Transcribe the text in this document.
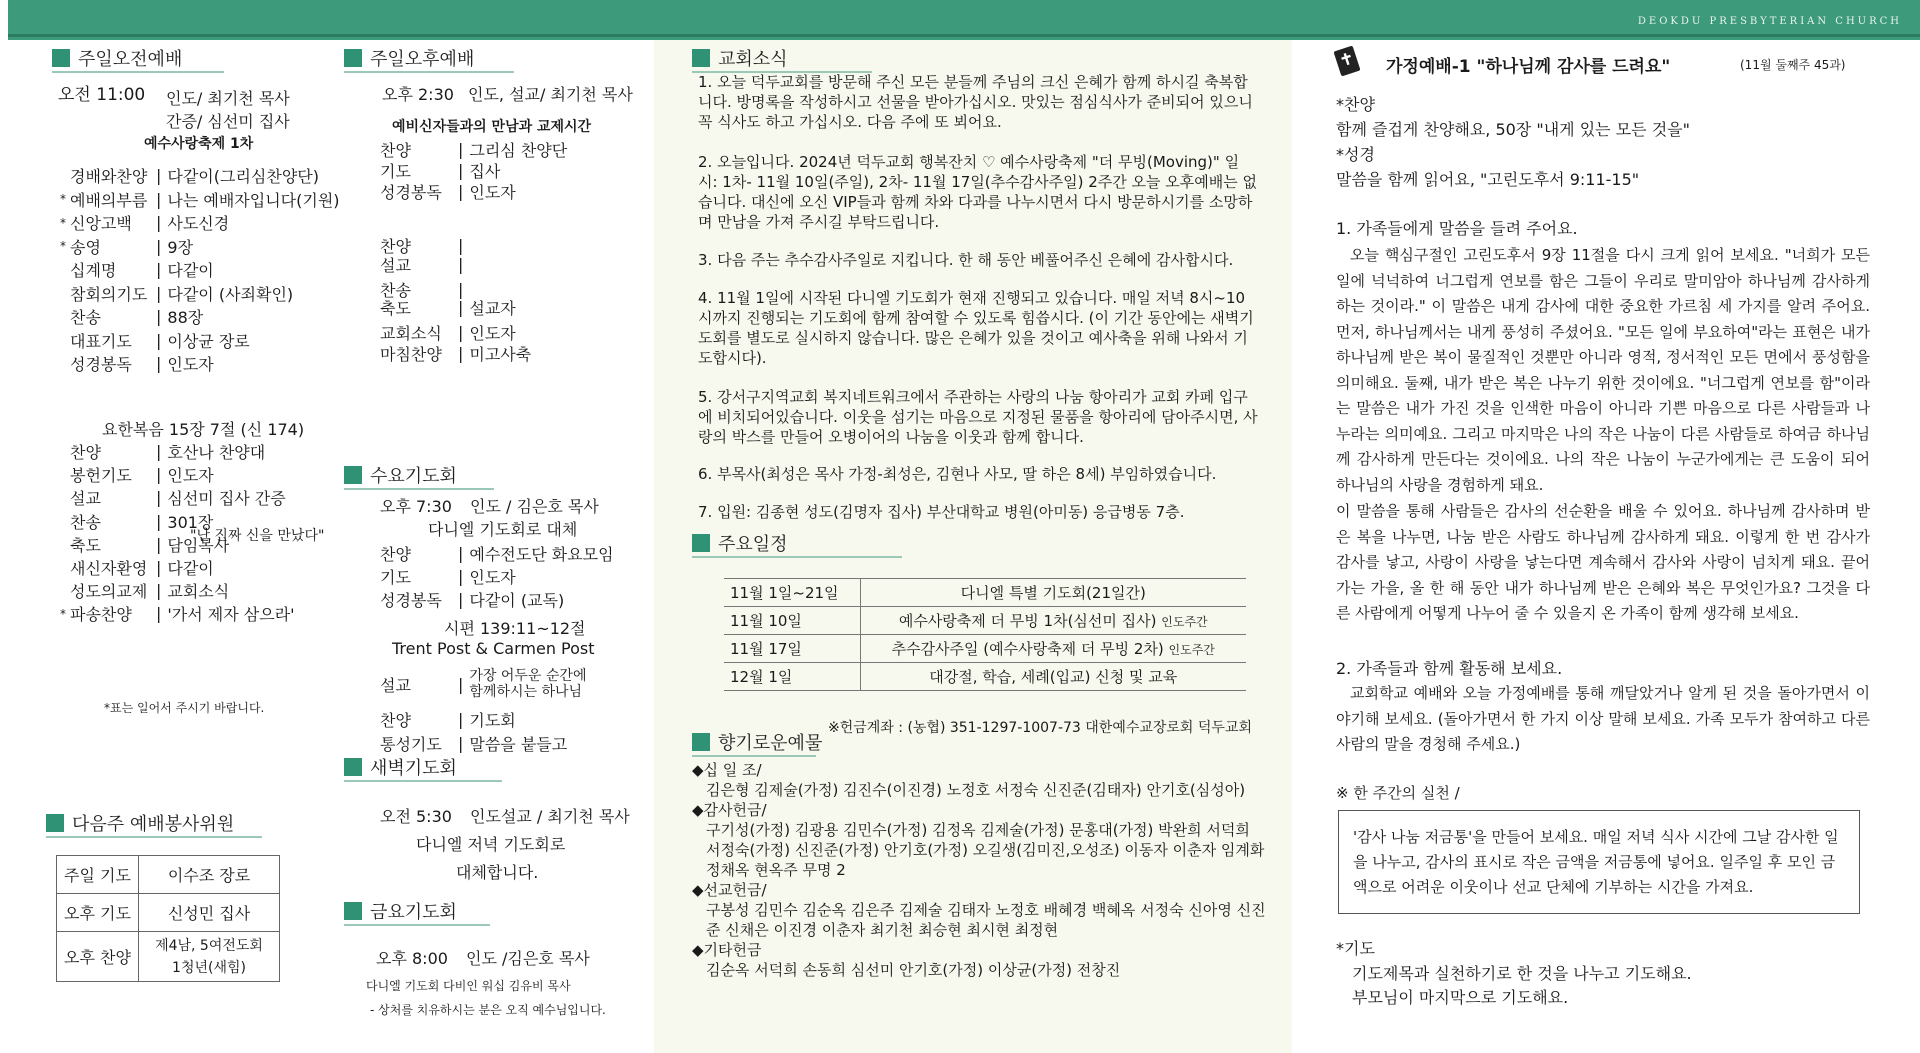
DEOKDU PRESBYTERIAN CHURCH
주일오전예배
오전 11:00 인도/ 최기천 목사
간증/ 심선미 집사
예수사랑축제 1차
경배와찬양 | 다같이(그리심찬양단)
* 예배의부름 | 나는 예배자입니다(기원)
* 신앙고백	| 사도신경
* 송영	| 9장
십계명	| 다같이
참회의기도 | 다같이 (사죄확인)
찬송	| 88장
대표기도	| 이상균 장로
성경봉독	| 인도자
요한복음 15장 7절 (신 174)
찬양	| 호산나 찬양대
봉헌기도	| 인도자
설교	| 심선미 집사 간증
찬송	| 301장
축도	| 담임목사
새신자환영 | 다같이
성도의교제 | 교회소식
* 파송찬양	| '가서 제자 삼으라'
"난 진짜 신을 만났다"
*표는 일어서 주시기 바랍니다.
다음주 예배봉사위원
주일 기도	이수조 장로
오후 기도	신성민 집사
오후 찬양	제4남, 5여전도회
1청년(새힘)
주일오후예배
오후 2:30 인도, 설교/ 최기천 목사
예비신자들과의 만남과 교제시간
찬양	| 그리심 찬양단
기도	| 집사
성경봉독	| 인도자
찬양	|
설교	|
찬송	|
축도	| 설교자
교회소식	| 인도자
마침찬양	| 미고사축
수요기도회
오후 7:30 인도 / 김은호 목사
다니엘 기도회로 대체
찬양	| 예수전도단 화요모임
기도	| 인도자
성경봉독	| 다같이 (교독)
시편 139:11~12절
Trent Post & Carmen Post
설교	| 가장 어두운 순간에
함께하시는 하나님
찬양	| 기도회
통성기도	| 말씀을 붙들고
새벽기도회
오전 5:30 인도설교 / 최기천 목사
다니엘 저녁 기도회로
대체합니다.
금요기도회
오후 8:00 인도 /김은호 목사
다니엘 기도회 다비인 워십 김유비 목사
- 상처를 치유하시는 분은 오직 예수님입니다.
교회소식

1. 오늘 덕두교회를 방문해 주신 모든 분들께 주님의 크신 은혜가 함께 하시길 축복합니다. 방명록을 작성하시고 선물을 받아가십시오. 맛있는 점심식사가 준비되어 있으니 꼭 식사도 하고 가십시오. 다음 주에 또 뵈어요.

2. 오늘입니다. 2024년 덕두교회 행복잔치 ♡ 예수사랑축제 "더 무빙(Moving)" 일시: 1차- 11월 10일(주일), 2차- 11월 17일(추수감사주일) 2주간 오늘 오후예배는 없습니다. 대신에 오신 VIP들과 함께 차와 다과를 나누시면서 다시 방문하시기를 소망하며 만남을 가져 주시길 부탁드립니다.

3. 다음 주는 추수감사주일로 지킵니다. 한 해 동안 베풀어주신 은혜에 감사합시다.

4. 11월 1일에 시작된 다니엘 기도회가 현재 진행되고 있습니다. 매일 저녁 8시~10시까지 진행되는 기도회에 함께 참여할 수 있도록 힘씁시다. (이 기간 동안에는 새벽기도회를 별도로 실시하지 않습니다. 많은 은혜가 있을 것이고 예사축을 위해 나와서 기도합시다).

5. 강서구지역교회 복지네트워크에서 주관하는 사랑의 나눔 항아리가 교회 카페 입구에 비치되어있습니다. 이웃을 섬기는 마음으로 지정된 물품을 항아리에 담아주시면, 사랑의 박스를 만들어 오병이어의 나눔을 이웃과 함께 합니다.

6. 부목사(최성은 목사 가정-최성은, 김현나 사모, 딸 하은 8세) 부임하였습니다.

7. 입원: 김종현 성도(김명자 집사) 부산대학교 병원(아미동) 응급병동 7층.

주요일정
11월 1일~21일	다니엘 특별 기도회(21일간)
11월 10일	예수사랑축제 더 무빙 1차(심선미 집사) 인도주간
11월 17일	추수감사주일 (예수사랑축제 더 무빙 2차) 인도주간
12월 1일	대강절, 학습, 세례(입교) 신청 및 교육
※헌금계좌 : (농협) 351-1297-1007-73 대한예수교장로회 덕두교회
향기로운예물
◆십 일 조/
김은형 김제술(가정) 김진수(이진경) 노정호 서정숙 신진준(김태자) 안기호(심성아)
◆감사헌금/
구기성(가정) 김광용 김민수(가정) 김정옥 김제술(가정) 문홍대(가정) 박완희 서덕희 서정숙(가정) 신진준(가정) 안기호(가정) 오길생(김미진,오성조) 이동자 이춘자 임계화 정채옥 현옥주 무명 2
◆선교헌금/
구봉성 김민수 김순옥 김은주 김제술 김태자 노정호 배혜경 백혜옥 서정숙 신아영 신진준 신채은 이진경 이춘자 최기천 최승현 최시현 최정현
◆기타헌금
김순옥 서덕희 손동희 심선미 안기호(가정) 이상균(가정) 전창진
가정예배-1 "하나님께 감사를 드려요"	(11월 둘째주 45과)
*찬양
함께 즐겁게 찬양해요, 50장 "내게 있는 모든 것을"
*성경
말씀을 함께 읽어요, "고린도후서 9:11-15"
1. 가족들에게 말씀을 들려 주어요.
오늘 핵심구절인 고린도후서 9장 11절을 다시 크게 읽어 보세요. "너희가 모든 일에 넉넉하여 너그럽게 연보를 함은 그들이 우리로 말미암아 하나님께 감사하게 하는 것이라." 이 말씀은 내게 감사에 대한 중요한 가르침 세 가지를 알려 주어요. 먼저, 하나님께서는 내게 풍성히 주셨어요. "모든 일에 부요하여"라는 표현은 내가 하나님께 받은 복이 물질적인 것뿐만 아니라 영적, 정서적인 모든 면에서 풍성함을 의미해요. 둘째, 내가 받은 복은 나누기 위한 것이에요. "너그럽게 연보를 함"이라는 말씀은 내가 가진 것을 인색한 마음이 아니라 기쁜 마음으로 다른 사람들과 나누라는 의미예요. 그리고 마지막은 나의 작은 나눔이 다른 사람들로 하여금 하나님께 감사하게 만든다는 것이에요. 나의 작은 나눔이 누군가에게는 큰 도움이 되어 하나님의 사랑을 경험하게 돼요.
이 말씀을 통해 사람들은 감사의 선순환을 배울 수 있어요. 하나님께 감사하며 받은 복을 나누면, 나눔 받은 사람도 하나님께 감사하게 돼요. 이렇게 한 번 감사가 감사를 낳고, 사랑이 사랑을 낳는다면 계속해서 감사와 사랑이 넘치게 돼요. 끝어 가는 가을, 올 한 해 동안 내가 하나님께 받은 은혜와 복은 무엇인가요? 그것을 다른 사람에게 어떻게 나누어 줄 수 있을지 온 가족이 함께 생각해 보세요.
2. 가족들과 함께 활동해 보세요.
교회학교 예배와 오늘 가정예배를 통해 깨달았거나 알게 된 것을 돌아가면서 이야기해 보세요. (돌아가면서 한 가지 이상 말해 보세요. 가족 모두가 참여하고 다른 사람의 말을 경청해 주세요.)
※ 한 주간의 실천 /
'감사 나눔 저금통'을 만들어 보세요. 매일 저녁 식사 시간에 그날 감사한 일을 나누고, 감사의 표시로 작은 금액을 저금통에 넣어요. 일주일 후 모인 금액으로 어려운 이웃이나 선교 단체에 기부하는 시간을 가져요.
*기도
기도제목과 실천하기로 한 것을 나누고 기도해요.
부모님이 마지막으로 기도해요.
